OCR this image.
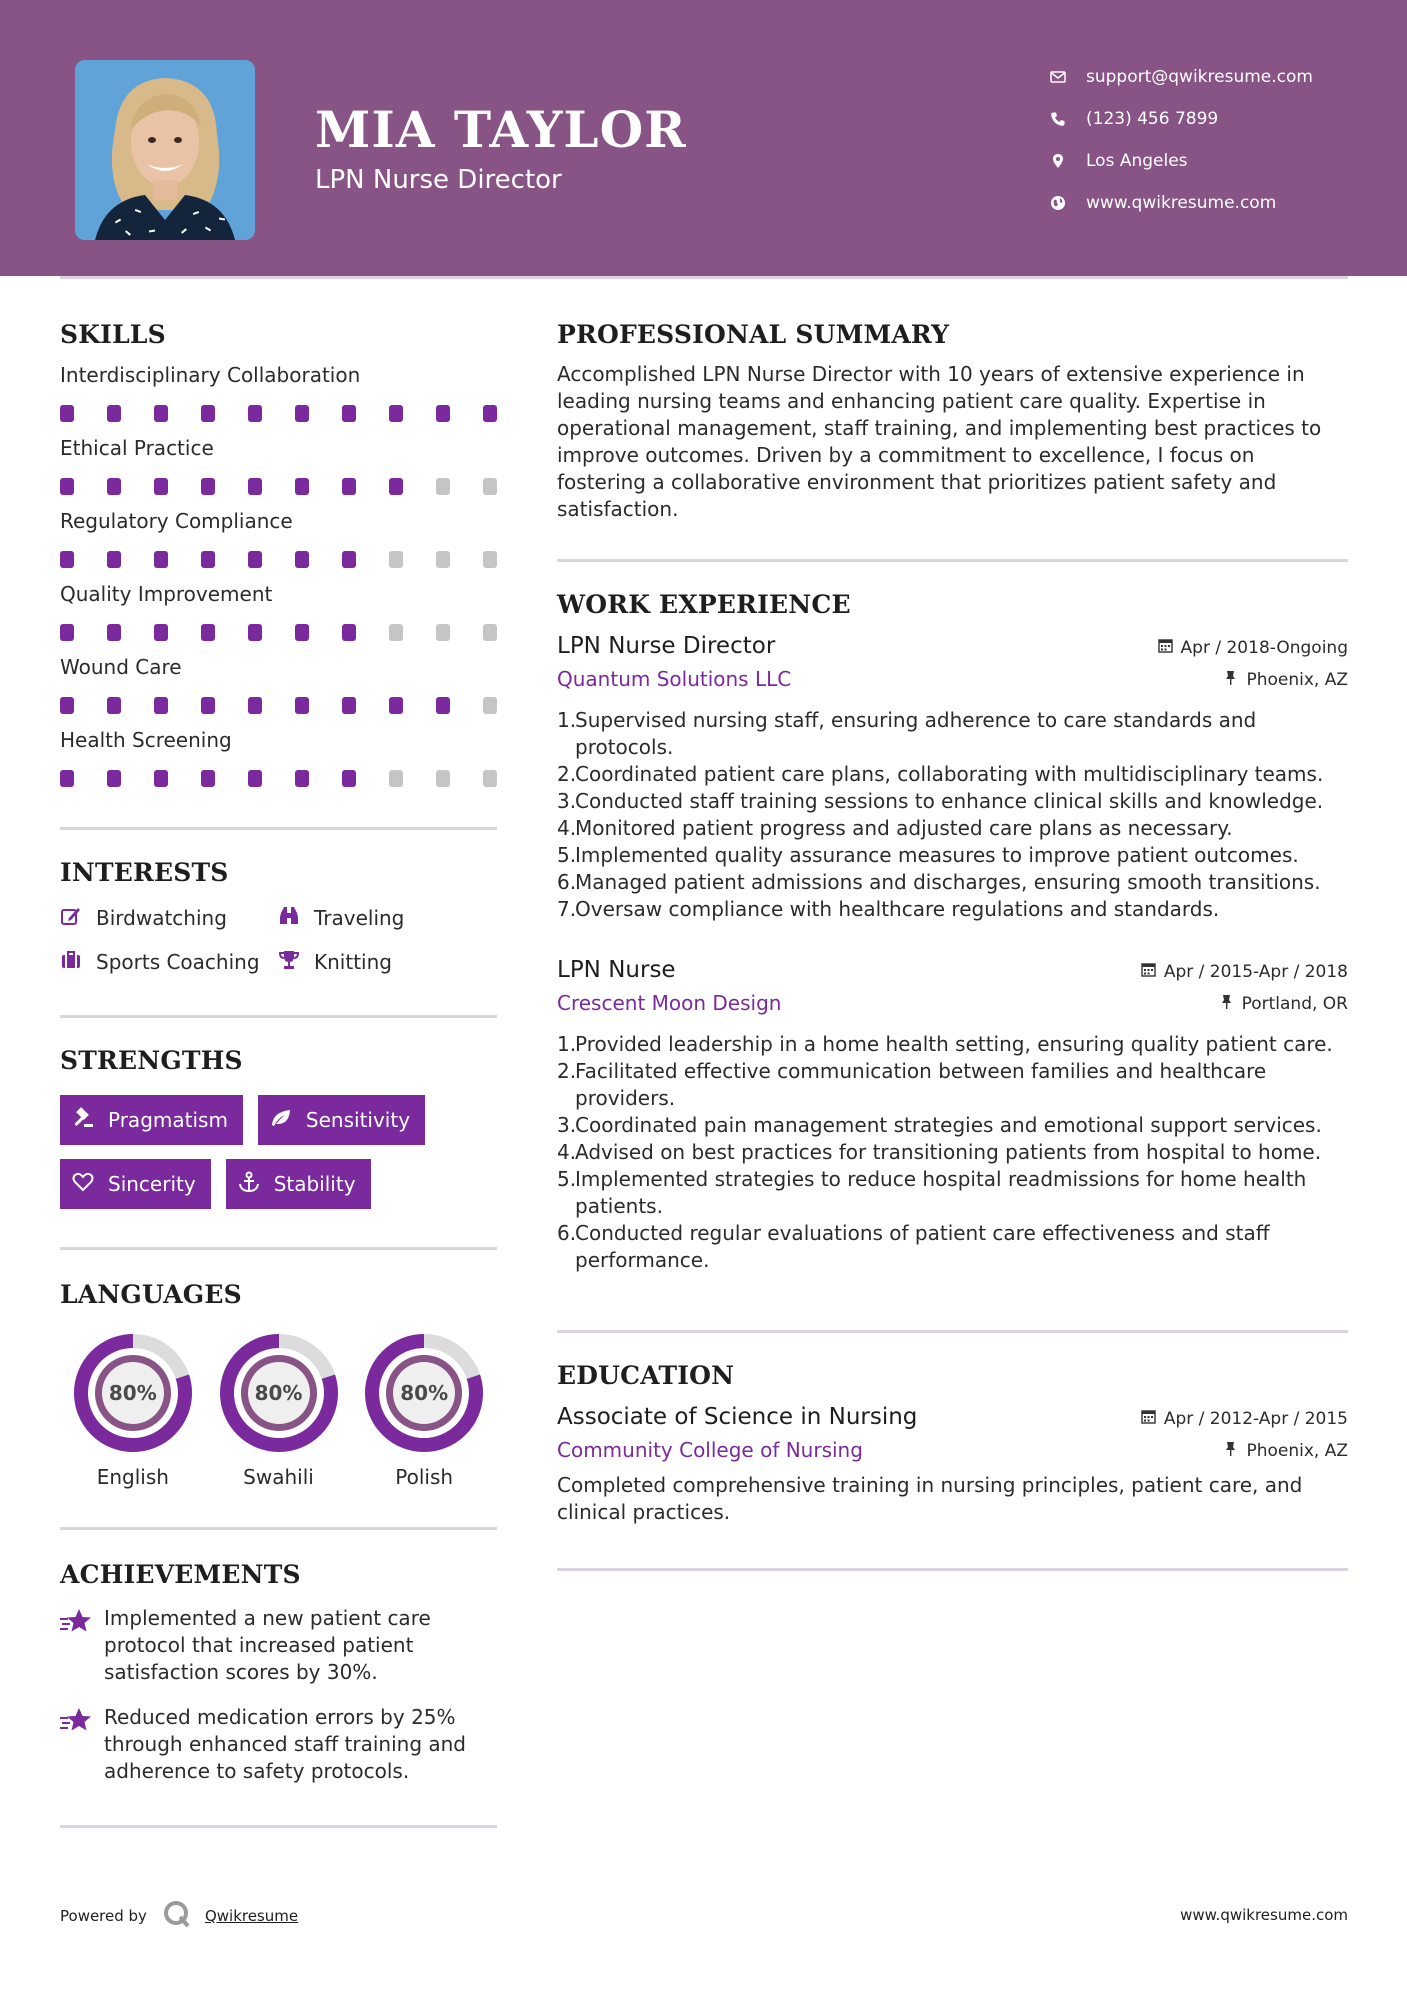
MIA TAYLOR
LPN Nurse Director
support@qwikresume.com
(123) 456 7899
Los Angeles
www.qwikresume.com
SKILLS
Interdisciplinary Collaboration
Ethical Practice
Regulatory Compliance
Quality Improvement
Wound Care
Health Screening
INTERESTS
Birdwatching	Traveling
Sports Coaching	Knitting
STRENGTHS
Pragmatism	Sensitivity
Sincerity	Stability
LANGUAGES
80%
English
80%
Swahili
80%
Polish
ACHIEVEMENTS
Implemented a new patient care protocol that increased patient satisfaction scores by 30%.
Reduced medication errors by 25% through enhanced staff training and adherence to safety protocols.
PROFESSIONAL SUMMARY
Accomplished LPN Nurse Director with 10 years of extensive experience in leading nursing teams and enhancing patient care quality. Expertise in operational management, staff training, and implementing best practices to improve outcomes. Driven by a commitment to excellence, I focus on fostering a collaborative environment that prioritizes patient safety and satisfaction.
WORK EXPERIENCE
LPN Nurse Director
Quantum Solutions LLC
Apr / 2018-Ongoing
Phoenix, AZ
1.
Supervised nursing staff, ensuring adherence to care standards and protocols.
2.
Coordinated patient care plans, collaborating with multidisciplinary teams.
3.
Conducted staff training sessions to enhance clinical skills and knowledge.
4.
Monitored patient progress and adjusted care plans as necessary.
5.
Implemented quality assurance measures to improve patient outcomes.
6.
Managed patient admissions and discharges, ensuring smooth transitions.
7.
Oversaw compliance with healthcare regulations and standards.
LPN Nurse
Crescent Moon Design
Apr / 2015-Apr / 2018
Portland, OR
1.
Provided leadership in a home health setting, ensuring quality patient care.
2.
Facilitated effective communication between families and healthcare providers.
3.
Coordinated pain management strategies and emotional support services.
4.
Advised on best practices for transitioning patients from hospital to home.
5.
Implemented strategies to reduce hospital readmissions for home health patients.
6.
Conducted regular evaluations of patient care effectiveness and staff performance.
EDUCATION
Associate of Science in Nursing
Community College of Nursing
Apr / 2012-Apr / 2015
Phoenix, AZ
Completed comprehensive training in nursing principles, patient care, and clinical practices.
Powered by	Qwikresume	www.qwikresume.com
